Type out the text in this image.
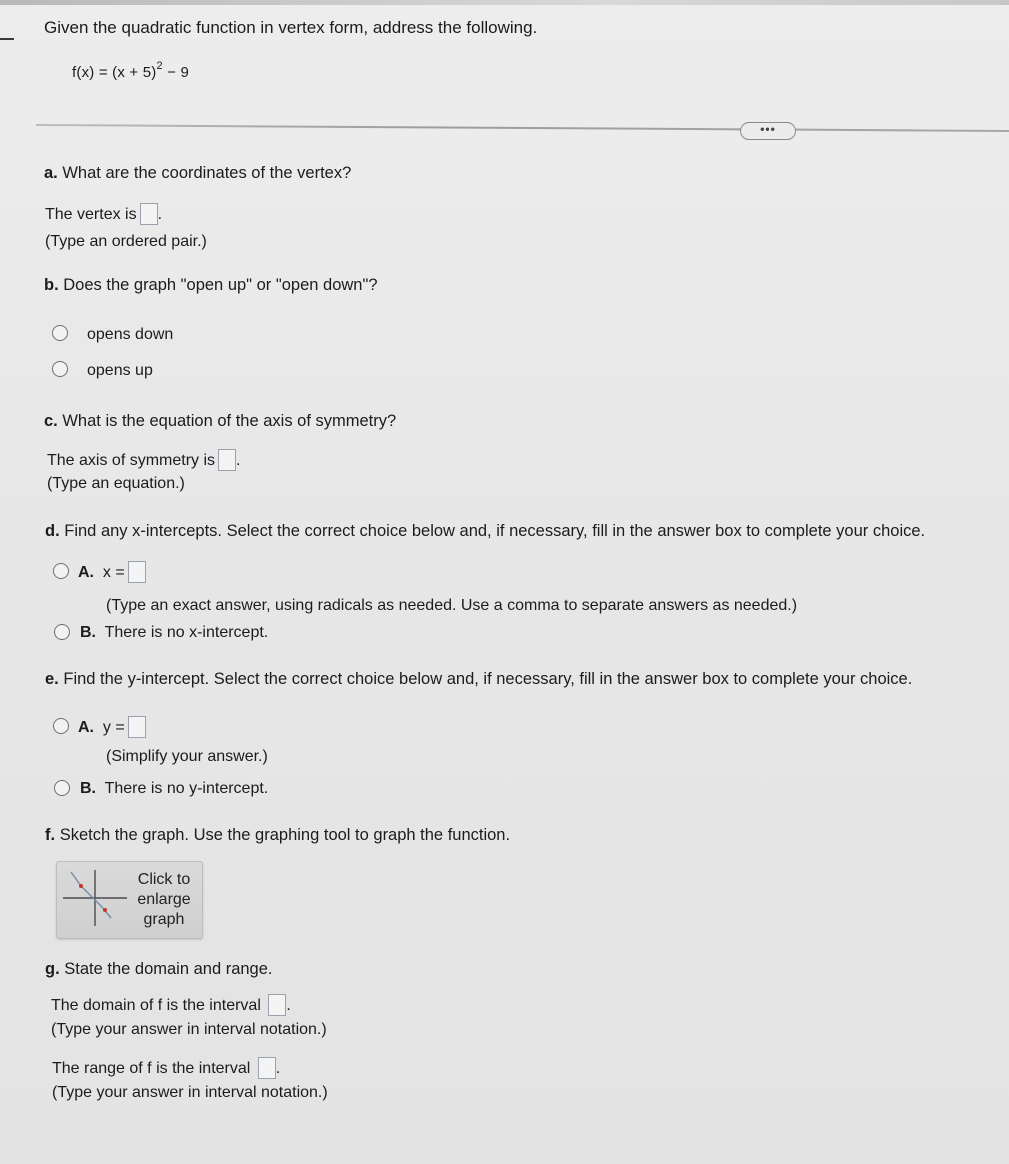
Given the quadratic function in vertex form, address the following.
$f(x) = (x + 5)^2 - 9$
•••
a. What are the coordinates of the vertex?
The vertex is .
(Type an ordered pair.)
b. Does the graph "open up" or "open down"?
opens down
opens up
c. What is the equation of the axis of symmetry?
The axis of symmetry is .
(Type an equation.)
d. Find any x-intercepts. Select the correct choice below and, if necessary, fill in the answer box to complete your choice.
A. x =
(Type an exact answer, using radicals as needed. Use a comma to separate answers as needed.)
B. There is no x-intercept.
e. Find the y-intercept. Select the correct choice below and, if necessary, fill in the answer box to complete your choice.
A. y =
(Simplify your answer.)
B. There is no y-intercept.
f. Sketch the graph. Use the graphing tool to graph the function.
Click to enlarge graph
g. State the domain and range.
The domain of f is the interval .
(Type your answer in interval notation.)
The range of f is the interval .
(Type your answer in interval notation.)
